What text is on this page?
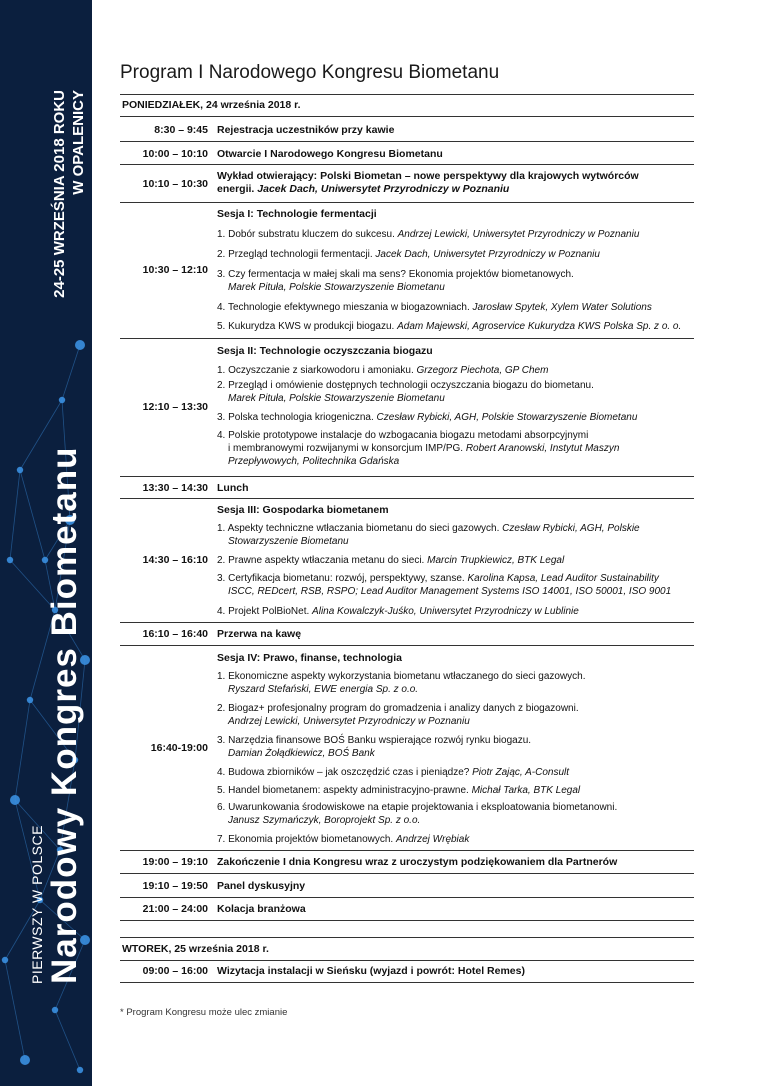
24-25 WRZEŚNIA 2018 ROKU W OPALENICY
PIERWSZY W POLSCE Narodowy Kongres Biometanu
Program I Narodowego Kongresu Biometanu
PONIEDZIAŁEK, 24 września 2018 r.
8:30 – 9:45 Rejestracja uczestników przy kawie
10:00 – 10:10 Otwarcie I Narodowego Kongresu Biometanu
10:10 – 10:30
Wykład otwierający: Polski Biometan – nowe perspektywy dla krajowych wytwórców
energii. Jacek Dach, Uniwersytet Przyrodniczy w Poznaniu
10:30 – 12:10
Sesja I: Technologie fermentacji
1. Dobór substratu kluczem do sukcesu. Andrzej Lewicki, Uniwersytet Przyrodniczy w Poznaniu
2. Przegląd technologii fermentacji. Jacek Dach, Uniwersytet Przyrodniczy w Poznaniu
3. Czy fermentacja w małej skali ma sens? Ekonomia projektów biometanowych.
Marek Pituła, Polskie Stowarzyszenie Biometanu
4. Technologie efektywnego mieszania w biogazowniach. Jarosław Spytek, Xylem Water Solutions
5. Kukurydza KWS w produkcji biogazu. Adam Majewski, Agroservice Kukurydza KWS Polska Sp. z o. o.
12:10 – 13:30
Sesja II: Technologie oczyszczania biogazu
1. Oczyszczanie z siarkowodoru i amoniaku. Grzegorz Piechota, GP Chem
2. Przegląd i omówienie dostępnych technologii oczyszczania biogazu do biometanu.
Marek Pituła, Polskie Stowarzyszenie Biometanu
3. Polska technologia kriogeniczna. Czesław Rybicki, AGH, Polskie Stowarzyszenie Biometanu
4. Polskie prototypowe instalacje do wzbogacania biogazu metodami absorpcyjnymi
i membranowymi rozwijanymi w konsorcjum IMP/PG. Robert Aranowski, Instytut Maszyn
Przepływowych, Politechnika Gdańska
13:30 – 14:30 Lunch
14:30 – 16:10
Sesja III: Gospodarka biometanem
1. Aspekty techniczne wtłaczania biometanu do sieci gazowych. Czesław Rybicki, AGH, Polskie
Stowarzyszenie Biometanu
2. Prawne aspekty wtłaczania metanu do sieci. Marcin Trupkiewicz, BTK Legal
3. Certyfikacja biometanu: rozwój, perspektywy, szanse. Karolina Kapsa, Lead Auditor Sustainability
ISCC, REDcert, RSB, RSPO; Lead Auditor Management Systems ISO 14001, ISO 50001, ISO 9001
4. Projekt PolBioNet. Alina Kowalczyk-Juśko, Uniwersytet Przyrodniczy w Lublinie
16:10 – 16:40 Przerwa na kawę
16:40-19:00
Sesja IV: Prawo, finanse, technologia
1. Ekonomiczne aspekty wykorzystania biometanu wtłaczanego do sieci gazowych.
Ryszard Stefański, EWE energia Sp. z o.o.
2. Biogaz+ profesjonalny program do gromadzenia i analizy danych z biogazowni.
Andrzej Lewicki, Uniwersytet Przyrodniczy w Poznaniu
3. Narzędzia finansowe BOŚ Banku wspierające rozwój rynku biogazu.
Damian Żołądkiewicz, BOŚ Bank
4. Budowa zbiorników – jak oszczędzić czas i pieniądze? Piotr Zając, A-Consult
5. Handel biometanem: aspekty administracyjno-prawne. Michał Tarka, BTK Legal
6. Uwarunkowania środowiskowe na etapie projektowania i eksploatowania biometanowni.
Janusz Szymańczyk, Boroprojekt Sp. z o.o.
7. Ekonomia projektów biometanowych. Andrzej Wrębiak
19:00 – 19:10 Zakończenie I dnia Kongresu wraz z uroczystym podziękowaniem dla Partnerów
19:10 – 19:50 Panel dyskusyjny
21:00 – 24:00 Kolacja branżowa
WTOREK, 25 września 2018 r.
09:00 – 16:00 Wizytacja instalacji w Sieńsku (wyjazd i powrót: Hotel Remes)
* Program Kongresu może ulec zmianie
